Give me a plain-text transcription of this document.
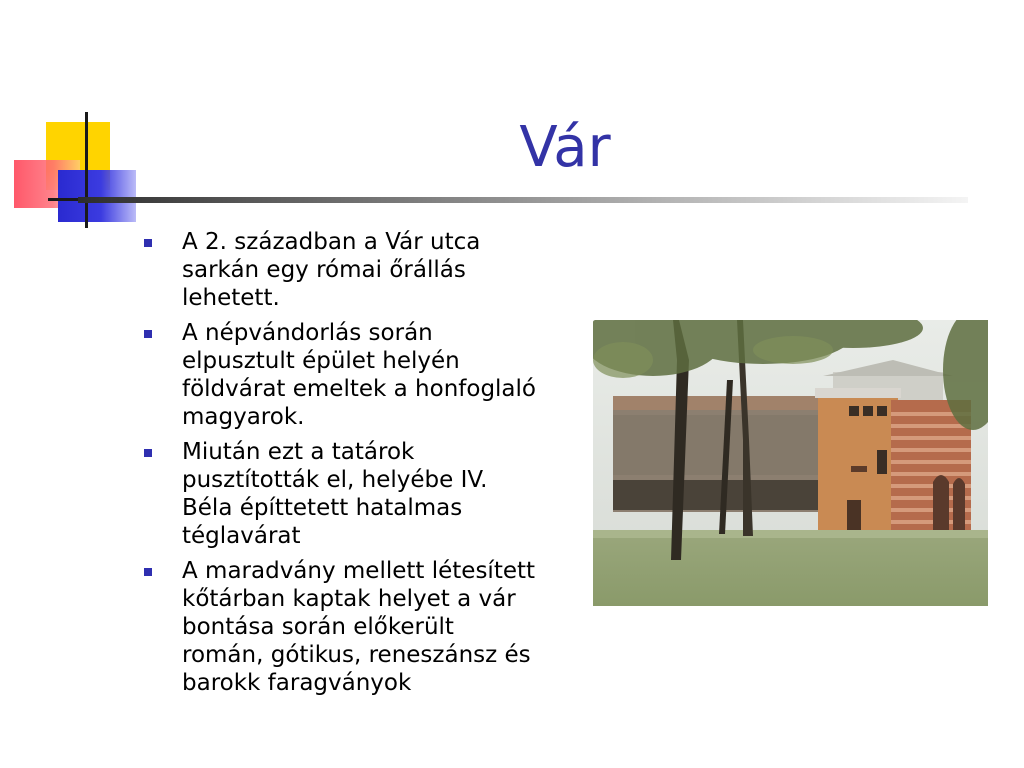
Vár
A 2. században a Vár utca sarkán egy római őrállás lehetett.
A népvándorlás során elpusztult épület helyén földvárat emeltek a honfoglaló magyarok.
Miután ezt a tatárok pusztították el, helyébe IV. Béla építtetett hatalmas téglavárat
A maradvány mellett létesített kőtárban kaptak helyet a vár bontása során előkerült román, gótikus, reneszánsz és barokk faragványok
